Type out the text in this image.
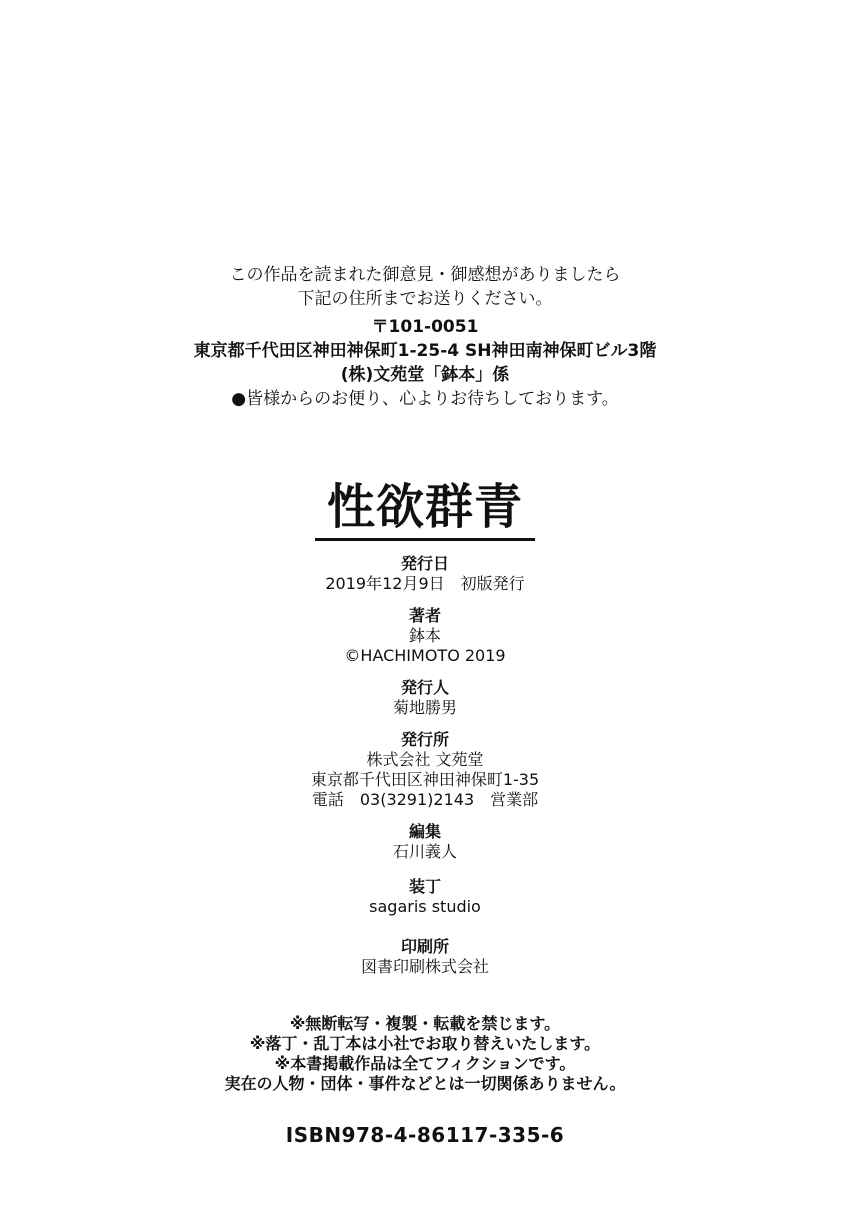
この作品を読まれた御意見・御感想がありましたら
下記の住所までお送りください。
〒101-0051
東京都千代田区神田神保町1-25-4 SH神田南神保町ビル3階
(株)文苑堂「鉢本」係
●皆様からのお便り、心よりお待ちしております。
性欲群青
発行日
2019年12月9日　初版発行
著者
鉢本
©HACHIMOTO 2019
発行人
菊地勝男
発行所
株式会社 文苑堂
東京都千代田区神田神保町1-35
電話　03(3291)2143　営業部
編集
石川義人
装丁
sagaris studio
印刷所
図書印刷株式会社
※無断転写・複製・転載を禁じます。
※落丁・乱丁本は小社でお取り替えいたします。
※本書掲載作品は全てフィクションです。
実在の人物・団体・事件などとは一切関係ありません。
ISBN978-4-86117-335-6
